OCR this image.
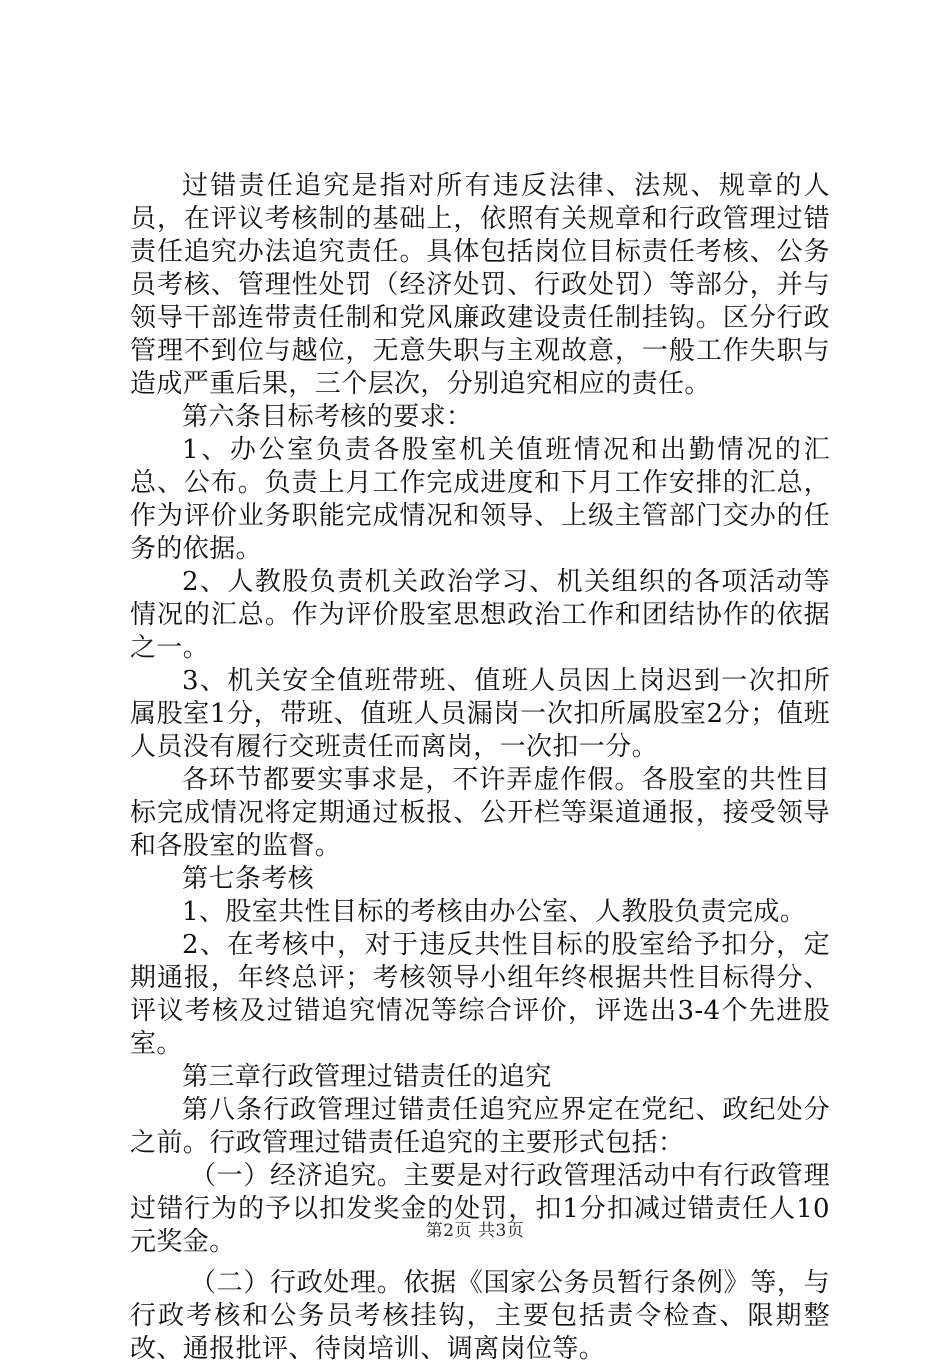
过错责任追究是指对所有违反法律、法规、规章的人员，在评议考核制的基础上，依照有关规章和行政管理过错责任追究办法追究责任。具体包括岗位目标责任考核、公务员考核、管理性处罚（经济处罚、行政处罚）等部分，并与领导干部连带责任制和党风廉政建设责任制挂钩。区分行政管理不到位与越位，无意失职与主观故意，一般工作失职与造成严重后果，三个层次，分别追究相应的责任。

第六条目标考核的要求：

1、办公室负责各股室机关值班情况和出勤情况的汇总、公布。负责上月工作完成进度和下月工作安排的汇总，作为评价业务职能完成情况和领导、上级主管部门交办的任务的依据。

2、人教股负责机关政治学习、机关组织的各项活动等情况的汇总。作为评价股室思想政治工作和团结协作的依据之一。

3、机关安全值班带班、值班人员因上岗迟到一次扣所属股室1分，带班、值班人员漏岗一次扣所属股室2分；值班人员没有履行交班责任而离岗，一次扣一分。

各环节都要实事求是，不许弄虚作假。各股室的共性目标完成情况将定期通过板报、公开栏等渠道通报，接受领导和各股室的监督。

第七条考核

1、股室共性目标的考核由办公室、人教股负责完成。

2、在考核中，对于违反共性目标的股室给予扣分，定期通报，年终总评；考核领导小组年终根据共性目标得分、评议考核及过错追究情况等综合评价，评选出3-4个先进股室。

第三章行政管理过错责任的追究

第八条行政管理过错责任追究应界定在党纪、政纪处分之前。行政管理过错责任追究的主要形式包括：

（一）经济追究。主要是对行政管理活动中有行政管理过错行为的予以扣发奖金的处罚，扣1分扣减过错责任人10元奖金。

（二）行政处理。依据《国家公务员暂行条例》等，与行政考核和公务员考核挂钩，主要包括责令检查、限期整改、通报批评、待岗培训、调离岗位等。

第2页 共3页
